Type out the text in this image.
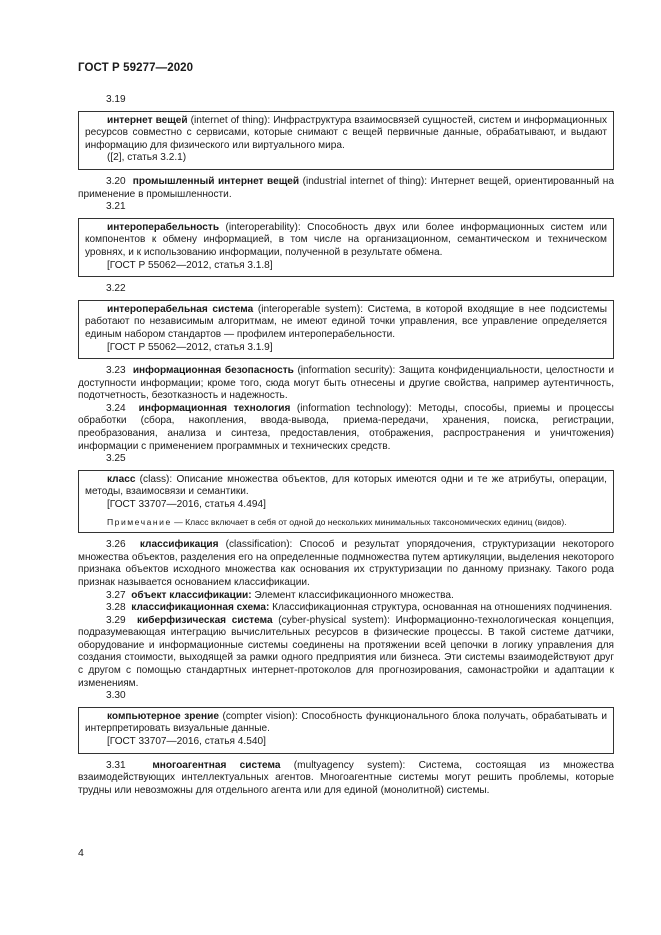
ГОСТ Р 59277—2020
3.19

интернет вещей (internet of thing): Инфраструктура взаимосвязей сущностей, систем и информационных ресурсов совместно с сервисами, которые снимают с вещей первичные данные, обрабатывают, и выдают информацию для физического или виртуального мира.

([2], статья 3.2.1)

3.20 промышленный интернет вещей (industrial internet of thing): Интернет вещей, ориентированный на применение в промышленности.

3.21

интероперабельность (interoperability): Способность двух или более информационных систем или компонентов к обмену информацией, в том числе на организационном, семантическом и техническом уровнях, и к использованию информации, полученной в результате обмена.

[ГОСТ Р 55062—2012, статья 3.1.8]

3.22

интероперабельная система (interoperable system): Система, в которой входящие в нее подсистемы работают по независимым алгоритмам, не имеют единой точки управления, все управление определяется единым набором стандартов — профилем интероперабельности.

[ГОСТ Р 55062—2012, статья 3.1.9]

3.23 информационная безопасность (information security): Защита конфиденциальности, целостности и доступности информации; кроме того, сюда могут быть отнесены и другие свойства, например аутентичность, подотчетность, безотказность и надежность.

3.24 информационная технология (information technology): Методы, способы, приемы и процессы обработки (сбора, накопления, ввода-вывода, приема-передачи, хранения, поиска, регистрации, преобразования, анализа и синтеза, предоставления, отображения, распространения и уничтожения) информации с применением программных и технических средств.

3.25

класс (class): Описание множества объектов, для которых имеются одни и те же атрибуты, операции, методы, взаимосвязи и семантики.

[ГОСТ 33707—2016, статья 4.494]

Примечание — Класс включает в себя от одной до нескольких минимальных таксономических единиц (видов).

3.26 классификация (classification): Способ и результат упорядочения, структуризации некоторого множества объектов, разделения его на определенные подмножества путем артикуляции, выделения некоторого признака объектов исходного множества как основания их структуризации по данному признаку. Такого рода признак называется основанием классификации.

3.27 объект классификации: Элемент классификационного множества.

3.28 классификационная схема: Классификационная структура, основанная на отношениях подчинения.

3.29 киберфизическая система (cyber-physical system): Информационно-технологическая концепция, подразумевающая интеграцию вычислительных ресурсов в физические процессы. В такой системе датчики, оборудование и информационные системы соединены на протяжении всей цепочки в логику управления для создания стоимости, выходящей за рамки одного предприятия или бизнеса. Эти системы взаимодействуют друг с другом с помощью стандартных интернет-протоколов для прогнозирования, самонастройки и адаптации к изменениям.

3.30

компьютерное зрение (compter vision): Способность функционального блока получать, обрабатывать и интерпретировать визуальные данные.

[ГОСТ 33707—2016, статья 4.540]

3.31	многоагентная система (multyagency system): Система, состоящая из множества взаимодействующих интеллектуальных агентов. Многоагентные системы могут решить проблемы, которые трудны или невозможны для отдельного агента или для единой (монолитной) системы.

4
